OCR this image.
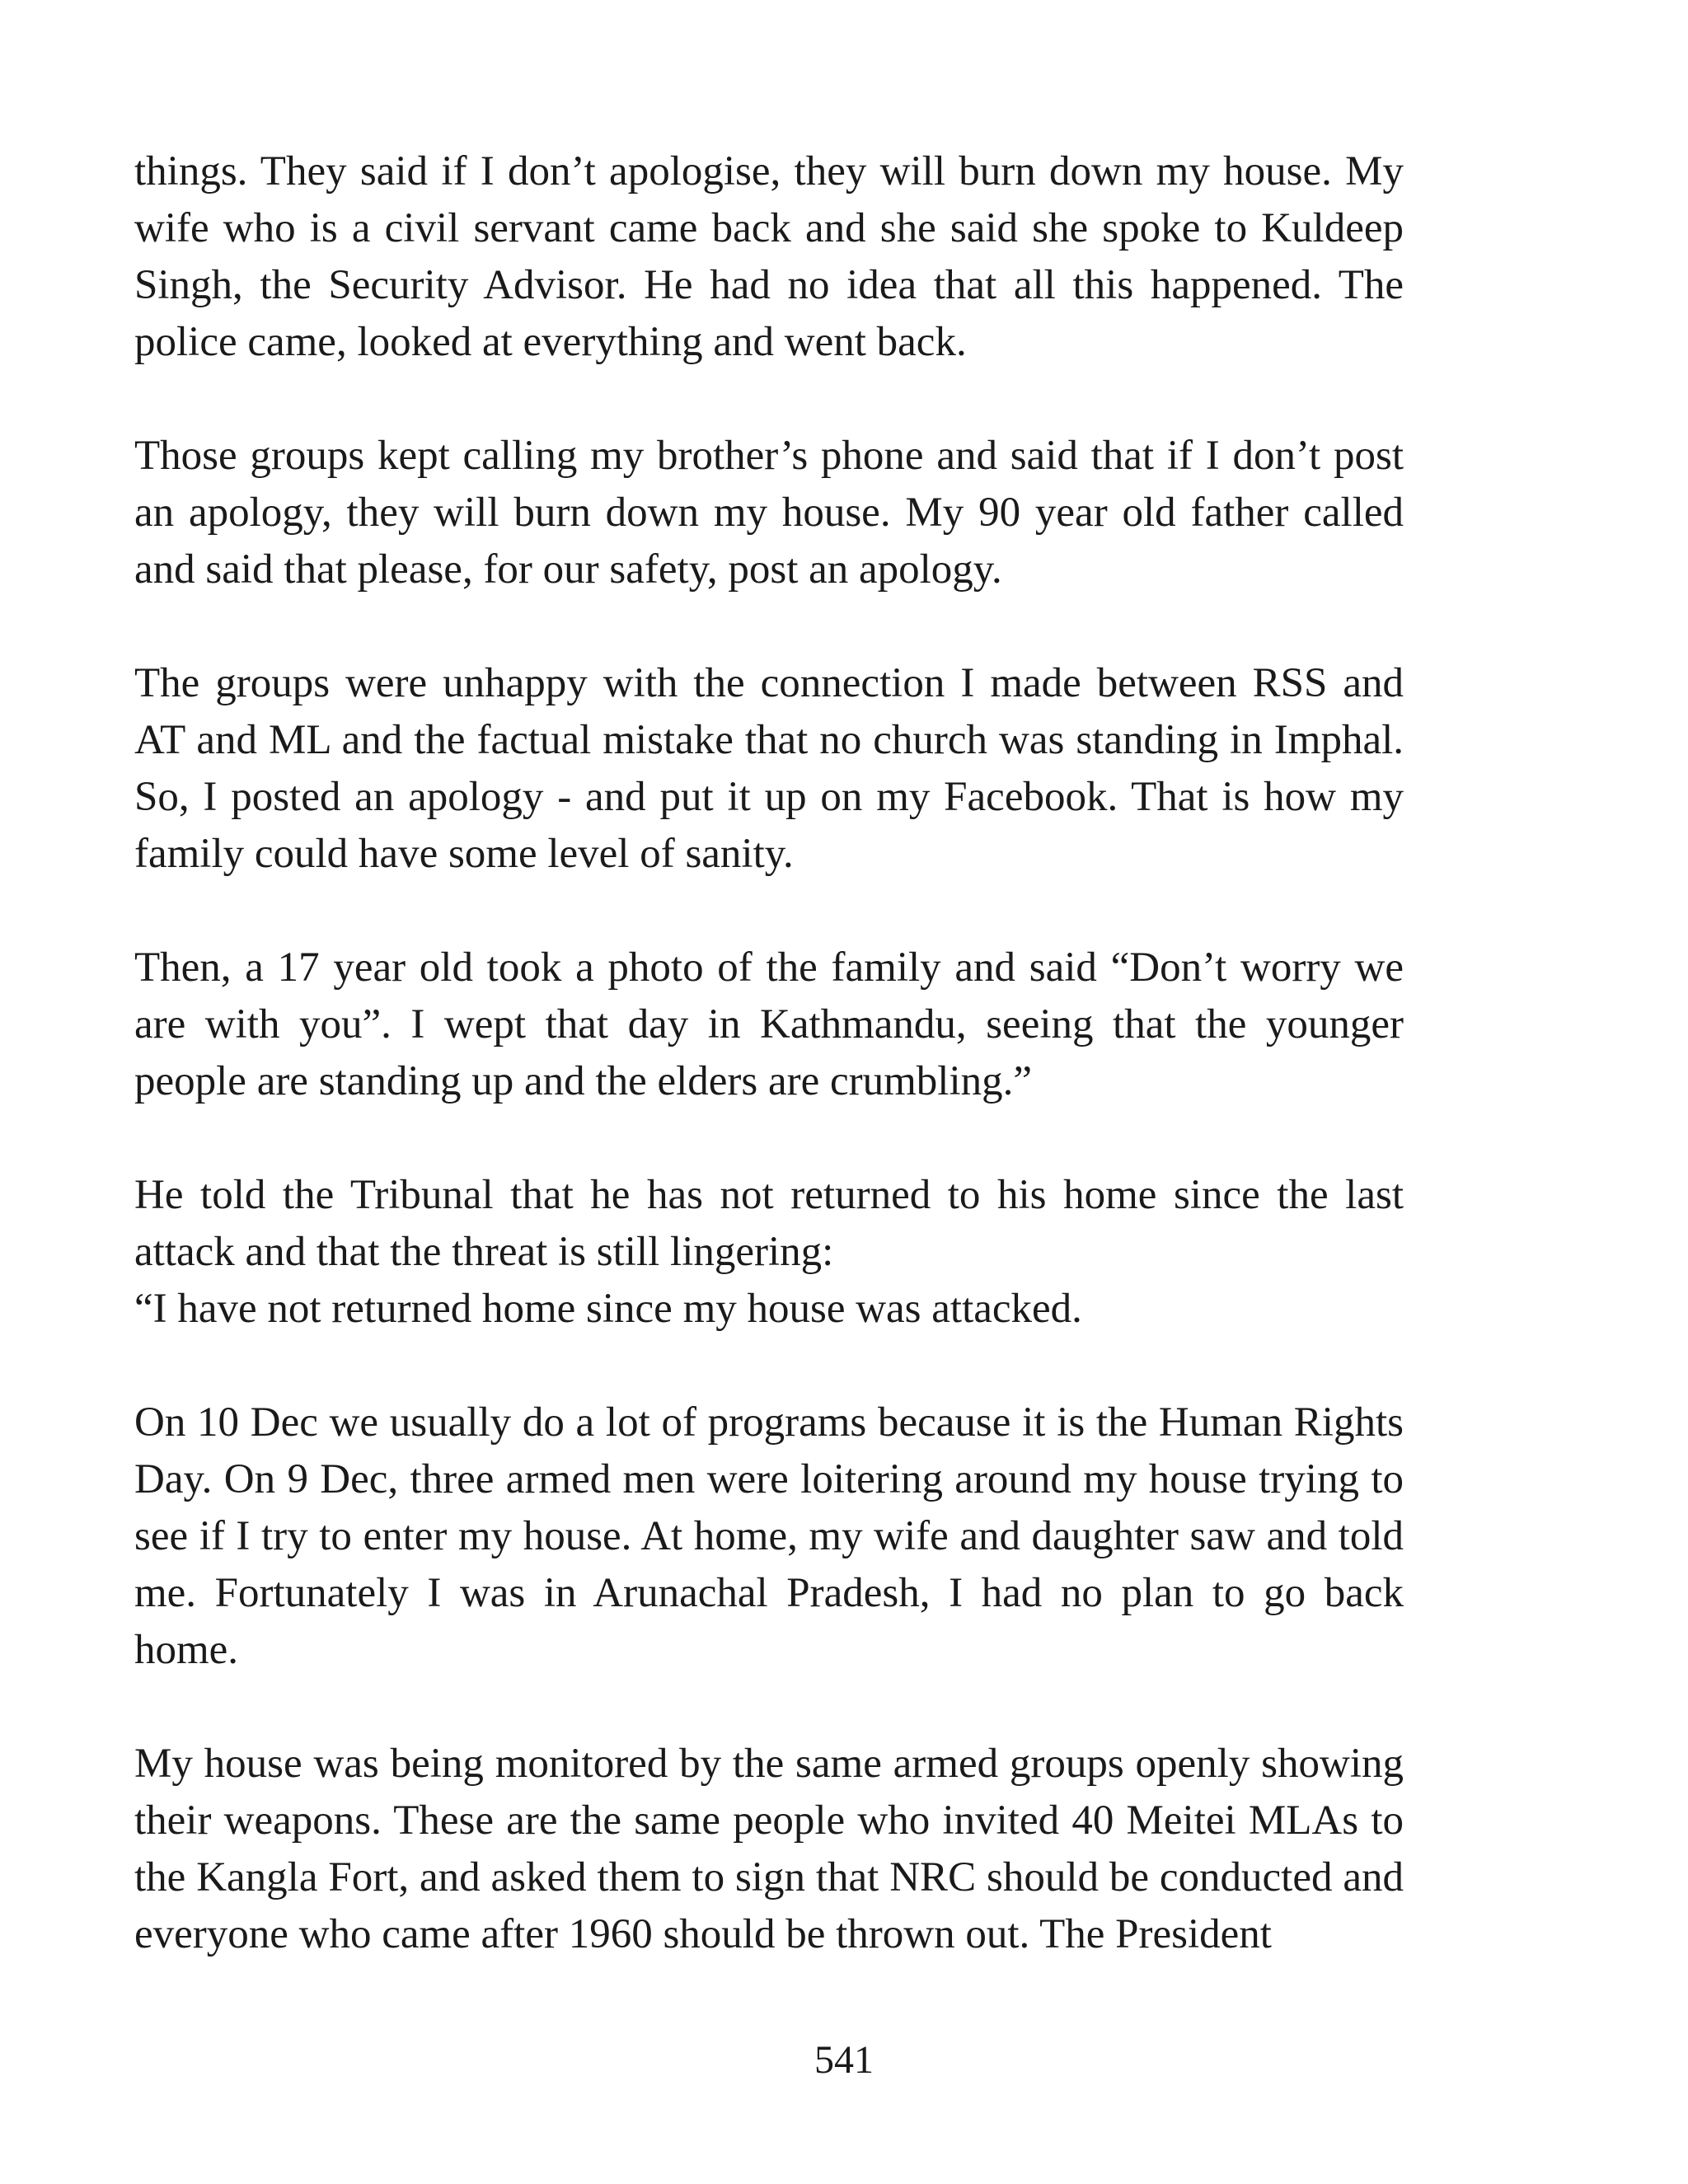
things. They said if I don’t apologise, they will burn down my house. My wife who is a civil servant came back and she said she spoke to Kuldeep Singh, the Security Advisor. He had no idea that all this happened. The police came, looked at everything and went back.

Those groups kept calling my brother’s phone and said that if I don’t post an apology, they will burn down my house. My 90 year old father called and said that please, for our safety, post an apology.

The groups were unhappy with the connection I made between RSS and AT and ML and the factual mistake that no church was standing in Imphal. So, I posted an apology - and put it up on my Facebook. That is how my family could have some level of sanity.

Then, a 17 year old took a photo of the family and said “Don’t worry we are with you”. I wept that day in Kathmandu, seeing that the younger people are standing up and the elders are crumbling.”

He told the Tribunal that he has not returned to his home since the last attack and that the threat is still lingering:

“I have not returned home since my house was attacked.

On 10 Dec we usually do a lot of programs because it is the Human Rights Day. On 9 Dec, three armed men were loitering around my house trying to see if I try to enter my house. At home, my wife and daughter saw and told me. Fortunately I was in Arunachal Pradesh, I had no plan to go back home.

My house was being monitored by the same armed groups openly showing their weapons. These are the same people who invited 40 Meitei MLAs to the Kangla Fort, and asked them to sign that NRC should be conducted and everyone who came after 1960 should be thrown out. The President

541
